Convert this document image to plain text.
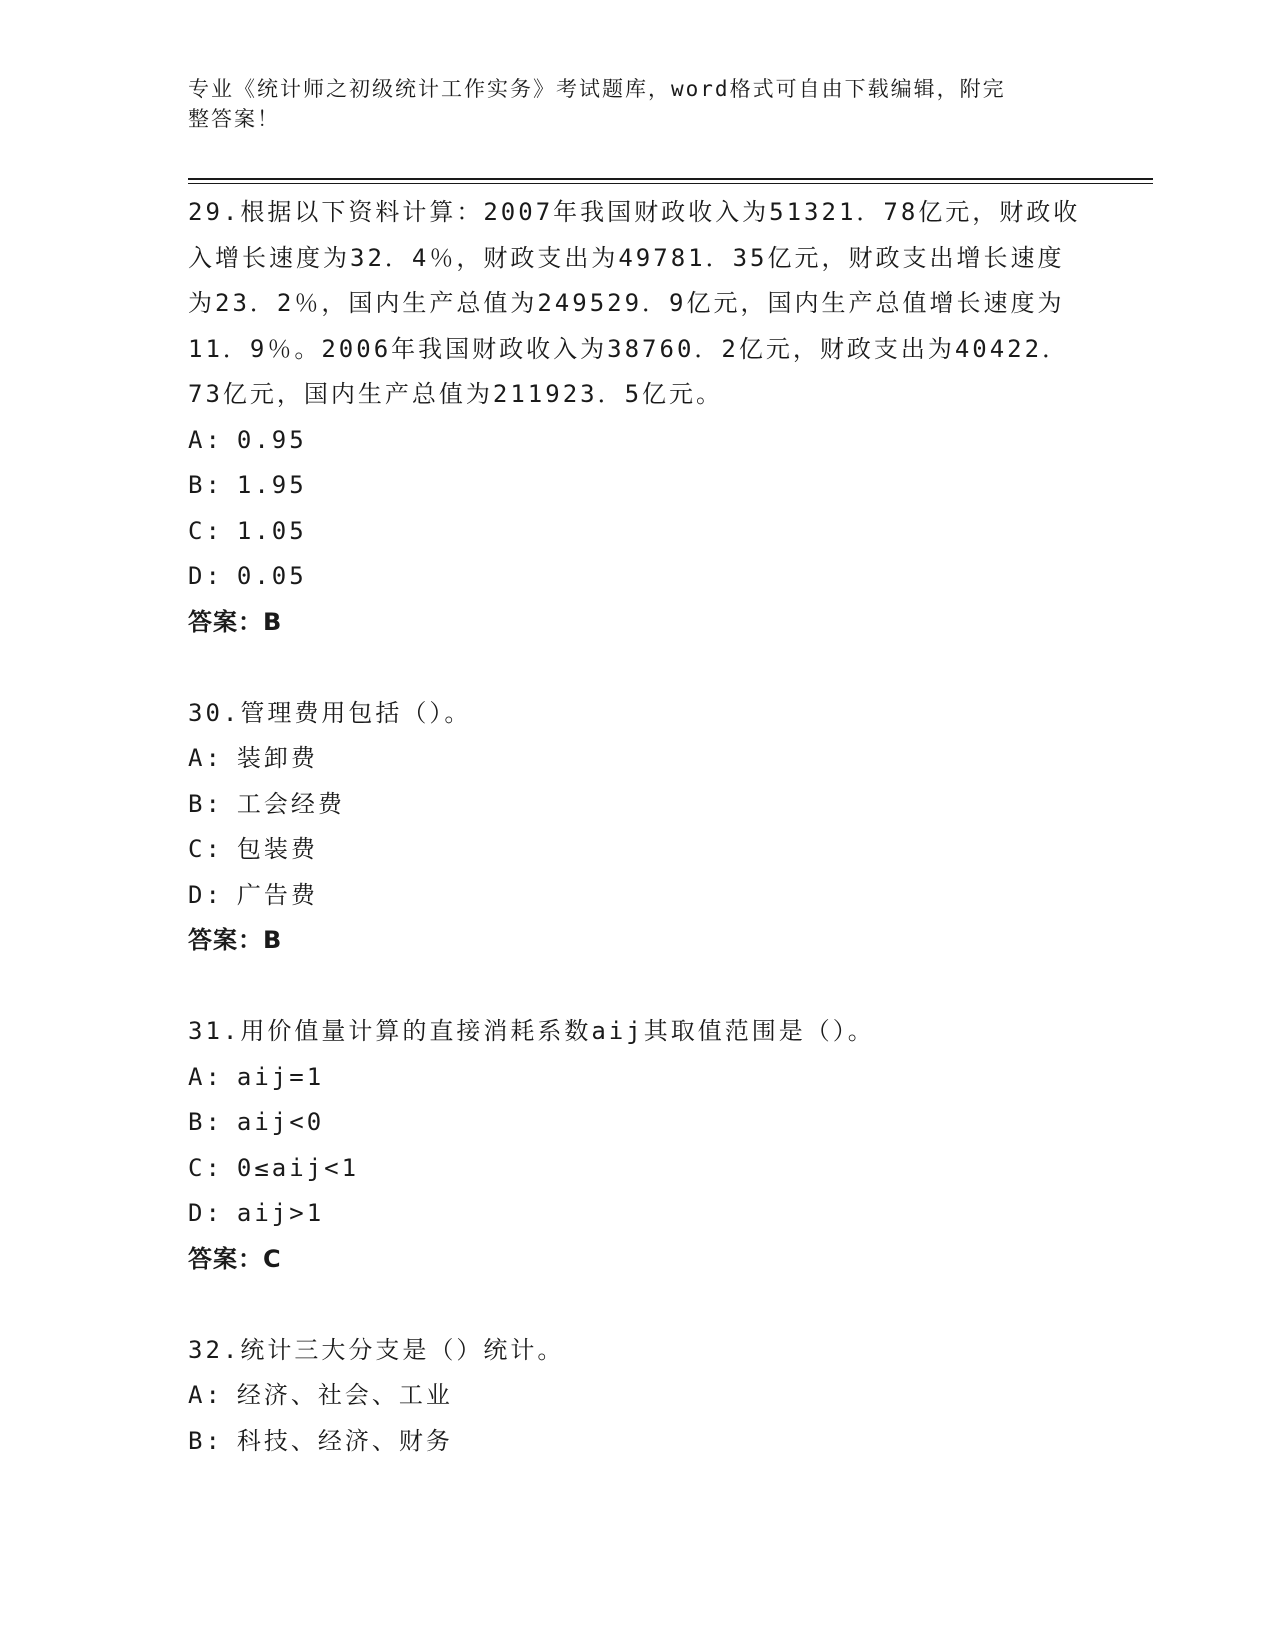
专业《统计师之初级统计工作实务》考试题库，word格式可自由下载编辑，附完
整答案！
29.根据以下资料计算：2007年我国财政收入为51321．78亿元，财政收入增长速度为32．4％，财政支出为49781．35亿元，财政支出增长速度为23．2％，国内生产总值为249529．9亿元，国内生产总值增长速度为11．9％。2006年我国财政收入为38760．2亿元，财政支出为40422．73亿元，国内生产总值为211923．5亿元。
A: 0.95
B: 1.95
C: 1.05
D: 0.05
答案：B
30.管理费用包括（）。
A: 装卸费
B: 工会经费
C: 包装费
D: 广告费
答案：B
31.用价值量计算的直接消耗系数aij其取值范围是（）。
A: aij=1
B: aij<0
C: 0≤aij<1
D: aij>1
答案：C
32.统计三大分支是（）统计。
A: 经济、社会、工业
B: 科技、经济、财务
